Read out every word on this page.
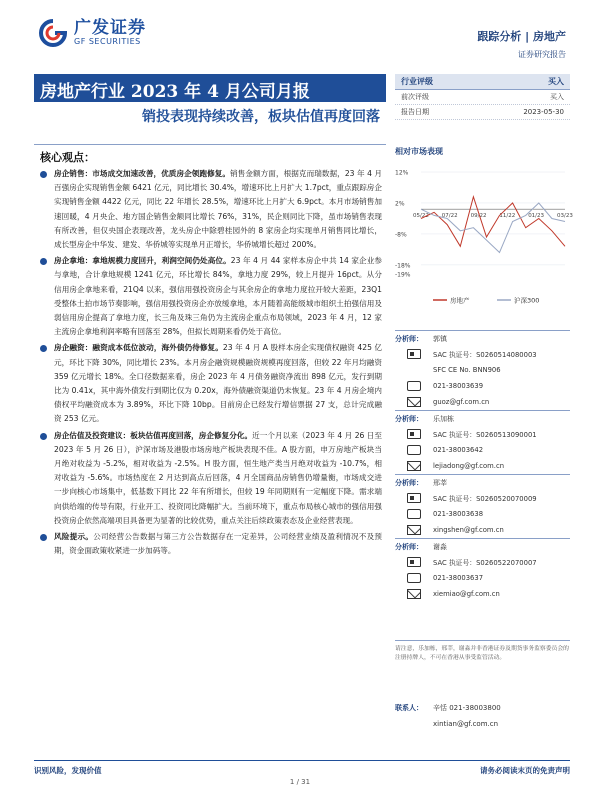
广发证券
GF SECURITIES	跟踪分析 | 房地产
证券研究报告
房地产行业 2023 年 4 月公司月报
销投表现持续改善，板块估值再度回落
核心观点：
房企销售：市场成交加速改善，优质房企领跑修复。销售金额方面，根据克而瑞数据，23 年 4 月百强房企实现销售金额 6421 亿元，同比增长 30.4%，增速环比上月扩大 1.7pct，重点跟踪房企实现销售金额 4422 亿元，同比 22 年增长 28.5%，增速环比上月扩大 6.9pct。本月市场销售加速回暖，4 月央企、地方国企销售金额同比增长 76%，31%，民企则同比下降，虽市场销售表现有所改善，但仅央国企表现改善，龙头房企中除碧桂园外的 8 家房企均实现单月销售同比增长，成长型房企中华发、建发、华侨城等实现单月正增长，华侨城增长超过 200%。
房企拿地：拿地规模力度回升，利润空间仍处高位。23 年 4 月 44 家样本房企中共 14 家企业参与拿地，合计拿地规模 1241 亿元，环比增长 84%，拿地力度 29%，较上月提升 16pct。从分信用房企拿地来看，21Q4 以来，强信用强投资房企与其余房企的拿地力度拉开较大差距，23Q1 受整体土拍市场节奏影响，强信用强投资房企亦放缓拿地，本月随着高能级城市组织土拍强信用及弱信用房企提高了拿地力度，长三角及珠三角仍为主流房企重点布局领域，2023 年 4 月，12 家主流房企拿地利润率略有回落至 28%，但拟长周期来看仍处于高位。
房企融资：融资成本低位波动，海外债仍待修复。23 年 4 月 A 股样本房企实现债权融资 425 亿元，环比下降 30%，同比增长 23%。本月房企融资规模融资规模再度回落，但较 22 年月均融资 359 亿元增长 18%。全口径数据来看，房企 2023 年 4 月债务融资净流出 898 亿元，发行到期比为 0.41x，其中海外债发行到期比仅为 0.20x，海外债融资渠道仍未恢复。23 年 4 月房企境内债权平均融资成本为 3.89%，环比下降 10bp。目前房企已经发行增信票据 27 支，总计完成融资 253 亿元。
房企估值及投资建议：板块估值再度回落，房企修复分化。近一个月以来（2023 年 4 月 26 日至 2023 年 5 月 26 日），沪深市场及港股市场房地产板块表现不佳。A 股方面，申万房地产板块当月绝对收益为 -5.2%，相对收益为 -2.5%。H 股方面，恒生地产类当月绝对收益为 -10.7%，相对收益为 -5.6%。市场热度在 2 月达到高点后回落，4 月全国商品房销售仍增量衡，市场成交进一步向核心市场集中，低基数下同比 22 年有所增长，但较 19 年同期则有一定幅度下降。需求端向供给端的传导有限，行业开工、投资同比降幅扩大。当前环境下，重点布局核心城市的强信用强投资房企依然高端项目具备更为显著的比较优势，重点关注后续政策表态及企业经营表现。
风险提示。公司经营公告数据与第三方公告数据存在一定差异，公司经营业绩及盈利情况不及预期，资金面政策收紧进一步加码等。
行业评级	买入
前次评级	买入
报告日期	2023-05-30
相对市场表现
12%
2%
-8%
-18%
-19%
05/22 07/22 09/22 11/22 01/23 03/23
房地产	沪深300
分析师：	郭镇
SAC 执证号：S0260514080003
SFC CE No. BNN906
021-38003639
guoz@gf.com.cn
分析师：	乐加栋
SAC 执证号：S0260513090001
021-38003642
lejiadong@gf.com.cn
分析师：	邢莘
SAC 执证号：S0260520070009
021-38003638
xingshen@gf.com.cn
分析师：	谢淼
SAC 执证号：S0260522070007
021-38003637
xiemiao@gf.com.cn
请注意，乐加栋，邢莘，谢淼并非香港证券及期货事务监察委员会的注册持牌人，不可在香港从事受监管活动。
联系人：	辛恬 021-38003800
xintian@gf.com.cn
识别风险，发现价值	请务必阅读末页的免责声明
1 / 31
